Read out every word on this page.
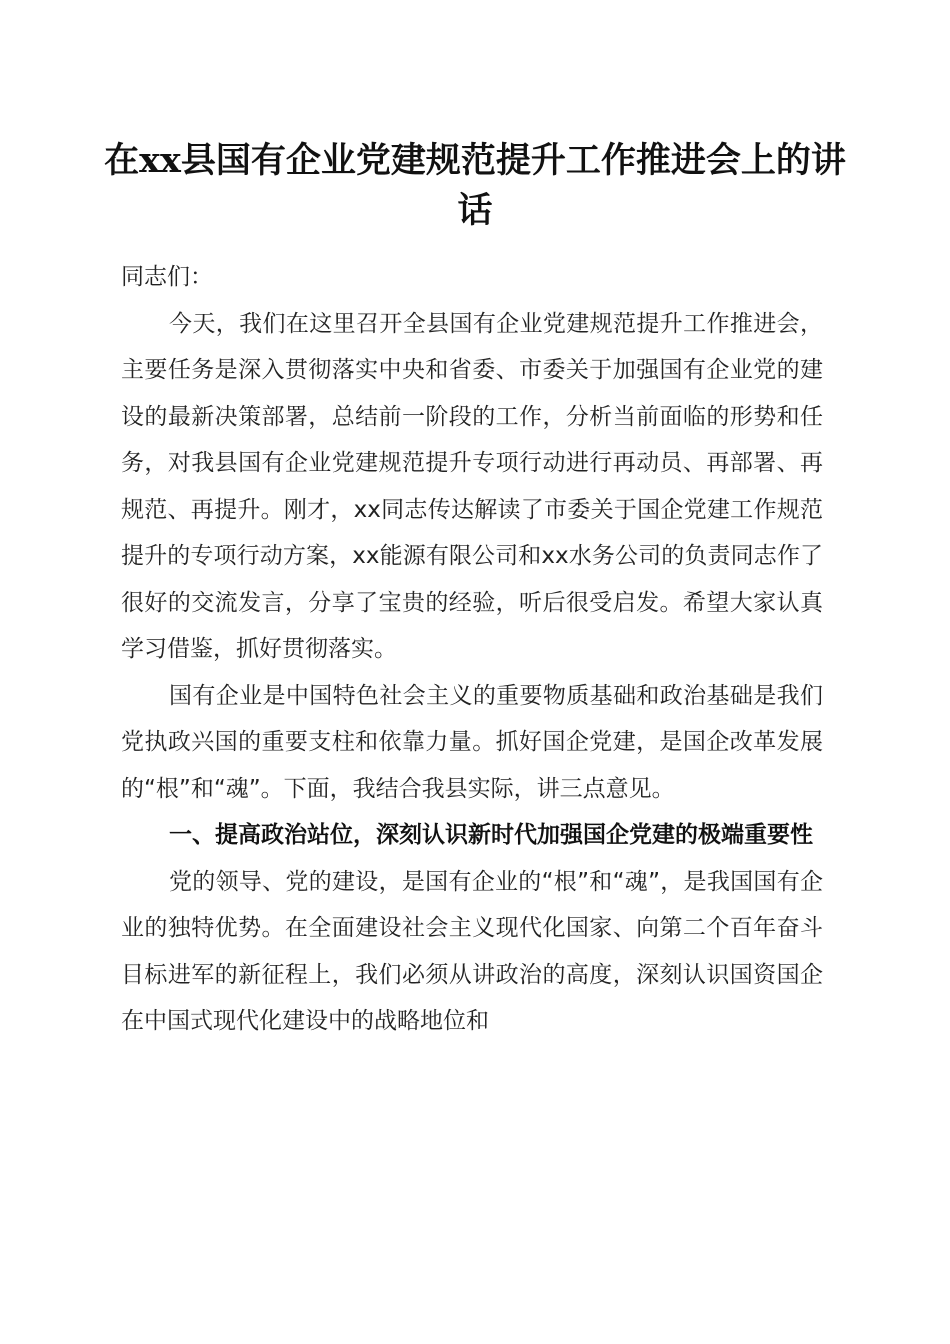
在xx县国有企业党建规范提升工作推进会上的讲话

同志们：

今天，我们在这里召开全县国有企业党建规范提升工作推进会，主要任务是深入贯彻落实中央和省委、市委关于加强国有企业党的建设的最新决策部署，总结前一阶段的工作，分析当前面临的形势和任务，对我县国有企业党建规范提升专项行动进行再动员、再部署、再规范、再提升。刚才，xx同志传达解读了市委关于国企党建工作规范提升的专项行动方案，xx能源有限公司和xx水务公司的负责同志作了很好的交流发言，分享了宝贵的经验，听后很受启发。希望大家认真学习借鉴，抓好贯彻落实。

国有企业是中国特色社会主义的重要物质基础和政治基础是我们党执政兴国的重要支柱和依靠力量。抓好国企党建，是国企改革发展的“根”和“魂”。下面，我结合我县实际，讲三点意见。

一、提高政治站位，深刻认识新时代加强国企党建的极端重要性

党的领导、党的建设，是国有企业的“根”和“魂”，是我国国有企业的独特优势。在全面建设社会主义现代化国家、向第二个百年奋斗目标进军的新征程上，我们必须从讲政治的高度，深刻认识国资国企在中国式现代化建设中的战略地位和
